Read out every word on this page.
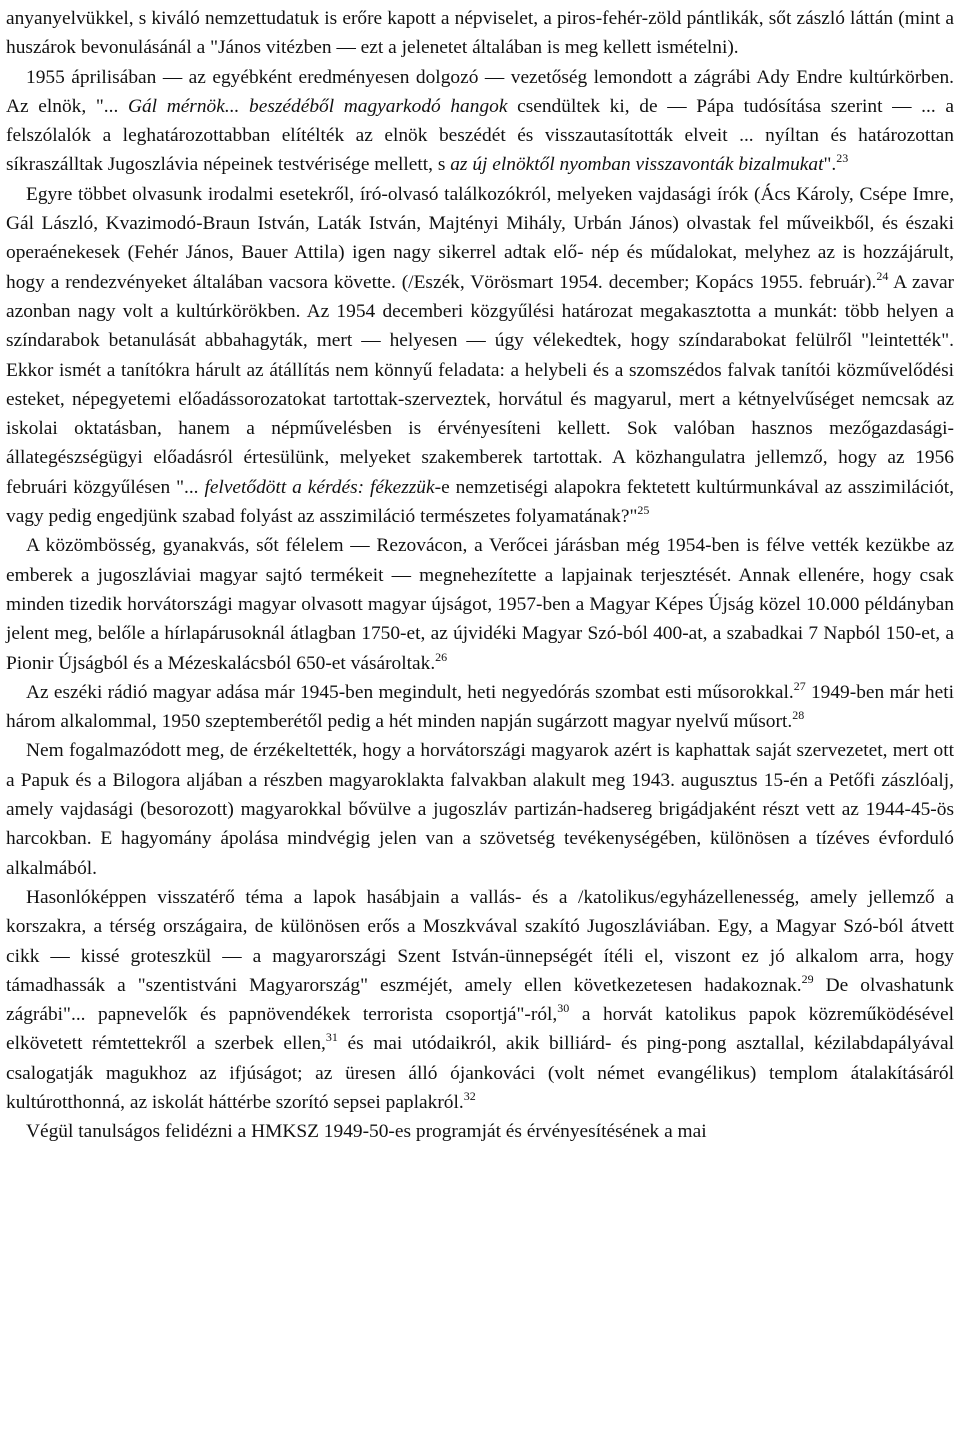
anyanyelvükkel, s kiváló nemzettudatuk is erőre kapott a népviselet, a piros-fehér-zöld pántlikák, sőt zászló láttán (mint a huszárok bevonulásánál a "János vitézben ― ezt a jelenetet általában is meg kellett ismételni).

1955 áprilisában ― az egyébként eredményesen dolgozó ― vezetőség lemondott a zágrábi Ady Endre kultúrkörben. Az elnök, "... Gál mérnök... beszédéből magyarkodó hangok csendültek ki, de ― Pápa tudósítása szerint ― ... a felszólalók a leghatározottabban elítélték az elnök beszédét és visszautasították elveit ... nyíltan és határozottan síkraszálltak Jugoszlávia népeinek testvérisége mellett, s az új elnöktől nyomban visszavonták bizalmukat".$^{23}$

Egyre többet olvasunk irodalmi esetekről, író-olvasó találkozókról, melyeken vajdasági írók (Ács Károly, Csépe Imre, Gál László, Kvazimodó-Braun István, Laták István, Majtényi Mihály, Urbán János) olvastak fel műveikből, és északi operaénekesek (Fehér János, Bauer Attila) igen nagy sikerrel adtak elő- nép és műdalokat, melyhez az is hozzájárult, hogy a rendezvényeket általában vacsora követte. (/Eszék, Vörösmart 1954. december; Kopács 1955. február).$^{24}$ A zavar azonban nagy volt a kultúrkörökben. Az 1954 decemberi közgyűlési határozat megakasztotta a munkát: több helyen a színdarabok betanulását abbahagyták, mert ― helyesen ― úgy vélekedtek, hogy színdarabokat felülről "leintették". Ekkor ismét a tanítókra hárult az átállítás nem könnyű feladata: a helybeli és a szomszédos falvak tanítói közművelődési esteket, népegyetemi előadássorozatokat tartottak-szerveztek, horvátul és magyarul, mert a kétnyelvűséget nemcsak az iskolai oktatásban, hanem a népművelésben is érvényesíteni kellett. Sok valóban hasznos mezőgazdasági-állategészségügyi előadásról értesülünk, melyeket szakemberek tartottak. A közhangulatra jellemző, hogy az 1956 februári közgyűlésen "... felvetődött a kérdés: fékezzük-e nemzetiségi alapokra fektetett kultúrmunkával az asszimilációt, vagy pedig engedjünk szabad folyást az asszimiláció természetes folyamatának?"$^{25}$

A közömbösség, gyanakvás, sőt félelem ― Rezovácon, a Verőcei járásban még 1954-ben is félve vették kezükbe az emberek a jugoszláviai magyar sajtó termékeit ― megnehezítette a lapjainak terjesztését. Annak ellenére, hogy csak minden tizedik horvátországi magyar olvasott magyar újságot, 1957-ben a Magyar Képes Újság közel 10.000 példányban jelent meg, belőle a hírlapárusoknál átlagban 1750-et, az újvidéki Magyar Szó-ból 400-at, a szabadkai 7 Napból 150-et, a Pionir Újságból és a Mézeskalácsból 650-et vásároltak.$^{26}$

Az eszéki rádió magyar adása már 1945-ben megindult, heti negyedórás szombat esti műsorokkal.$^{27}$ 1949-ben már heti három alkalommal, 1950 szeptemberétől pedig a hét minden napján sugárzott magyar nyelvű műsort.$^{28}$

Nem fogalmazódott meg, de érzékeltették, hogy a horvátországi magyarok azért is kaphattak saját szervezetet, mert ott a Papuk és a Bilogora aljában a részben magyaroklakta falvakban alakult meg 1943. augusztus 15-én a Petőfi zászlóalj, amely vajdasági (besorozott) magyarokkal bővülve a jugoszláv partizán-hadsereg brigádjaként részt vett az 1944-45-ös harcokban. E hagyomány ápolása mindvégig jelen van a szövetség tevékenységében, különösen a tízéves évforduló alkalmából.

Hasonlóképpen visszatérő téma a lapok hasábjain a vallás- és a /katolikus/egyházellenesség, amely jellemző a korszakra, a térség országaira, de különösen erős a Moszkvával szakító Jugoszláviában. Egy, a Magyar Szó-ból átvett cikk ― kissé groteszkül ― a magyarországi Szent István-ünnepségét ítéli el, viszont ez jó alkalom arra, hogy támadhassák a "szentistváni Magyarország" eszméjét, amely ellen következetesen hadakoznak.$^{29}$ De olvashatunk zágrábi"... papnevelők és papnövendékek terrorista csoportjá"-ról,$^{30}$ a horvát katolikus papok közreműködésével elkövetett rémtettekről a szerbek ellen,$^{31}$ és mai utódaikról, akik billiárd- és ping-pong asztallal, kézilabdapályával csalogatják magukhoz az ifjúságot; az üresen álló ójankováci (volt német evangélikus) templom átalakításáról kultúrotthonná, az iskolát háttérbe szorító sepsei paplakról.$^{32}$

Végül tanulságos felidézni a HMKSZ 1949-50-es programját és érvényesítésének a mai
